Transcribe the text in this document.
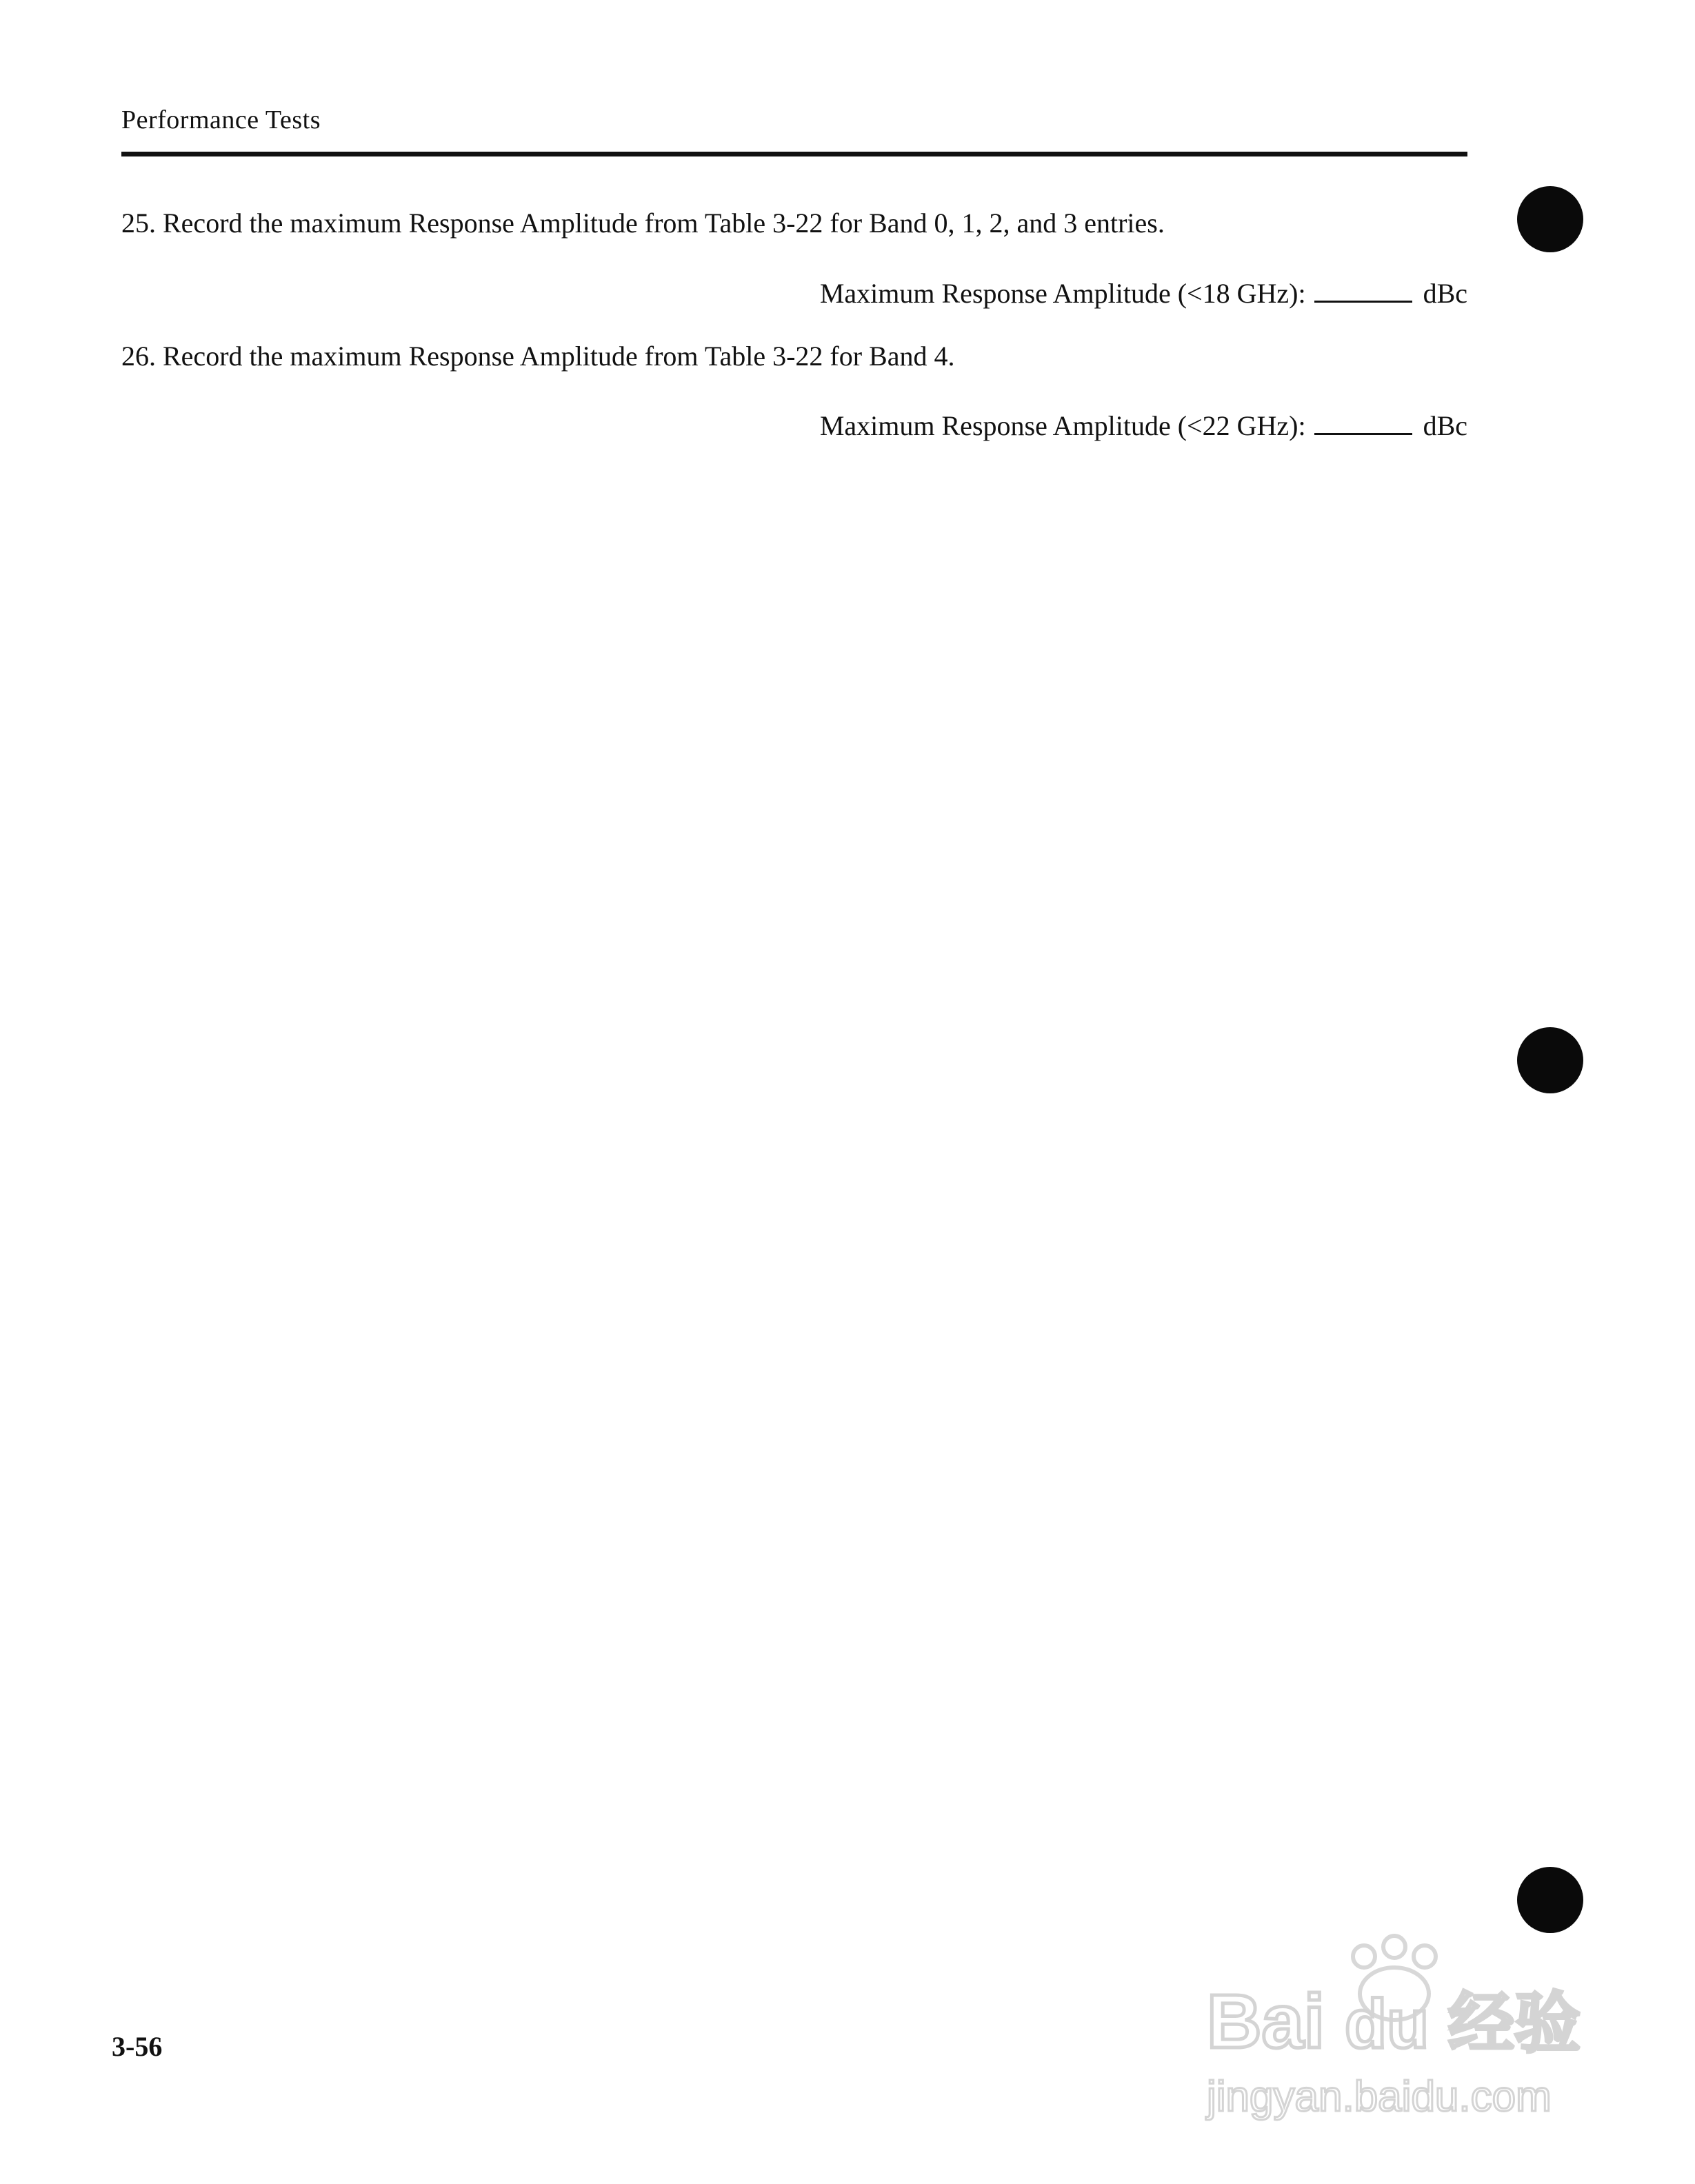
Performance Tests
25. Record the maximum Response Amplitude from Table 3-22 for Band 0, 1, 2, and 3 entries.
Maximum Response Amplitude (<18 GHz):	dBc
26. Record the maximum Response Amplitude from Table 3-22 for Band 4.
Maximum Response Amplitude (<22 GHz):	dBc
3-56	Bai du 经验
jingyan.baidu.com
